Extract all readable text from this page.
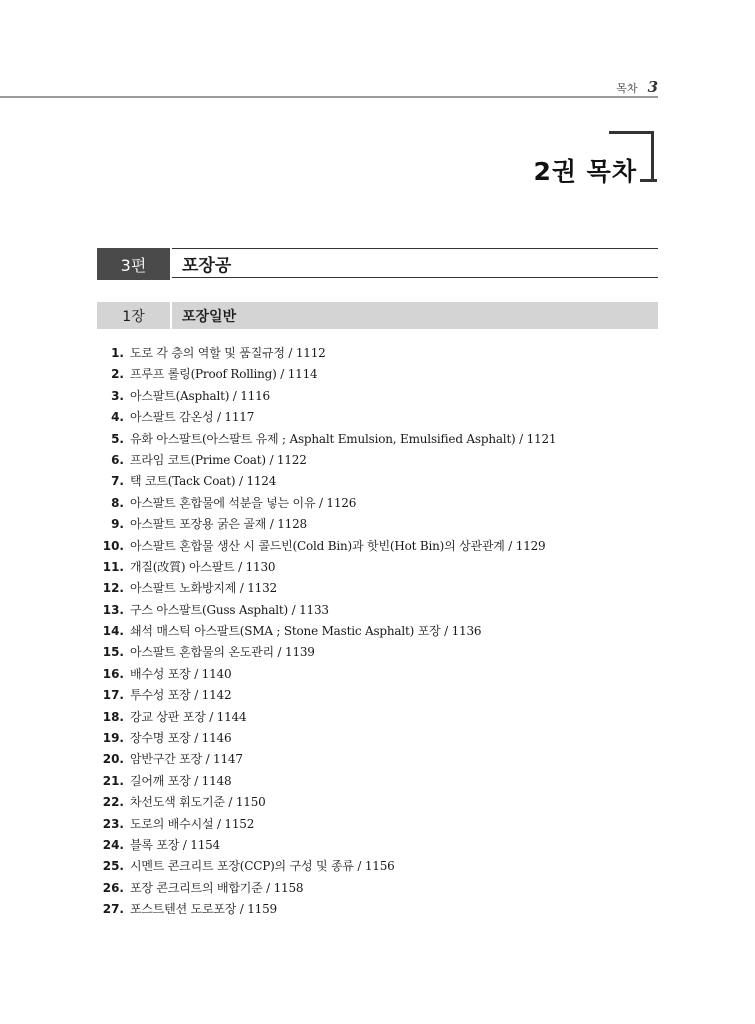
목차 3
2권 목차
3편	포장공
1장	포장일반
1. 도로 각 층의 역할 및 품질규정 / 1112
2. 프루프 롤링(Proof Rolling) / 1114
3. 아스팔트(Asphalt) / 1116
4. 아스팔트 감온성 / 1117
5. 유화 아스팔트(아스팔트 유제 ; Asphalt Emulsion, Emulsified Asphalt) / 1121
6. 프라임 코트(Prime Coat) / 1122
7. 택 코트(Tack Coat) / 1124
8. 아스팔트 혼합물에 석분을 넣는 이유 / 1126
9. 아스팔트 포장용 굵은 골재 / 1128
10. 아스팔트 혼합물 생산 시 콜드빈(Cold Bin)과 핫빈(Hot Bin)의 상관관계 / 1129
11. 개질(改質) 아스팔트 / 1130
12. 아스팔트 노화방지제 / 1132
13. 구스 아스팔트(Guss Asphalt) / 1133
14. 쇄석 매스틱 아스팔트(SMA ; Stone Mastic Asphalt) 포장 / 1136
15. 아스팔트 혼합물의 온도관리 / 1139
16. 배수성 포장 / 1140
17. 투수성 포장 / 1142
18. 강교 상판 포장 / 1144
19. 장수명 포장 / 1146
20. 암반구간 포장 / 1147
21. 길어깨 포장 / 1148
22. 차선도색 휘도기준 / 1150
23. 도로의 배수시설 / 1152
24. 블록 포장 / 1154
25. 시멘트 콘크리트 포장(CCP)의 구성 및 종류 / 1156
26. 포장 콘크리트의 배합기준 / 1158
27. 포스트텐션 도로포장 / 1159
